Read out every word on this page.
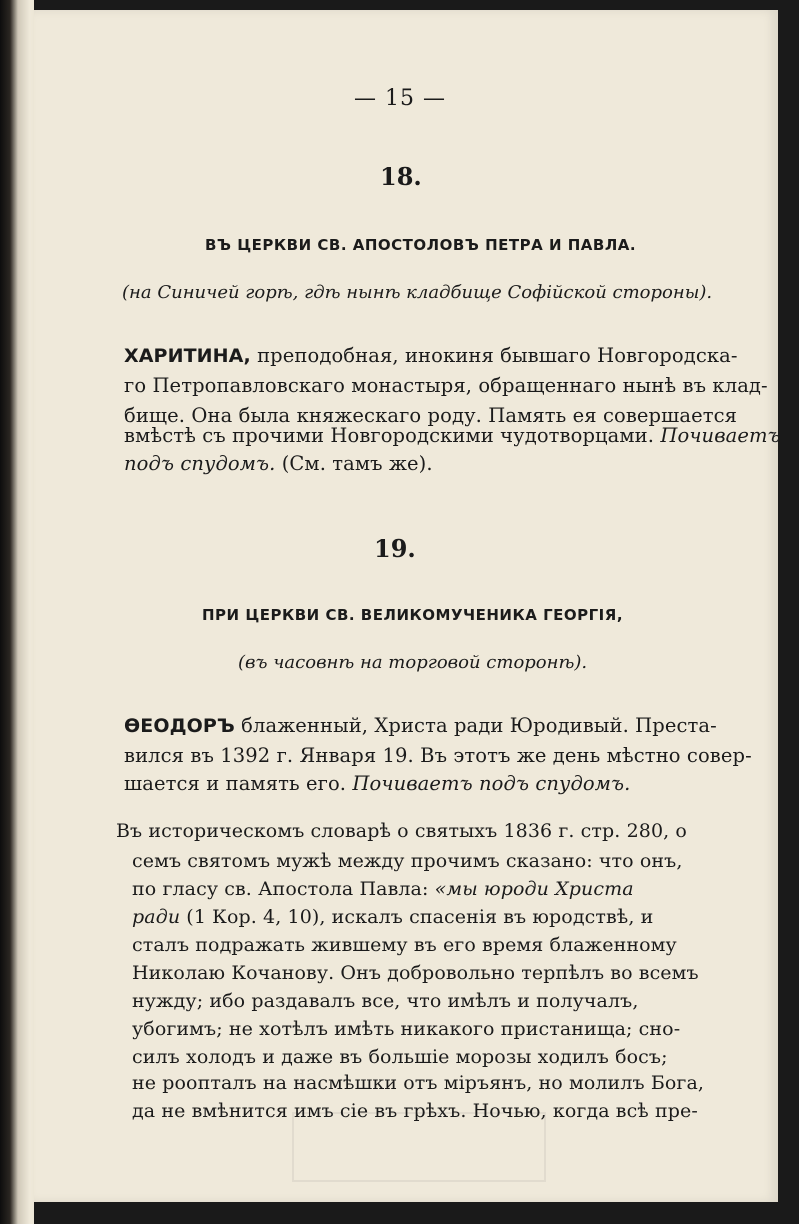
— 15 —
18.
ВЪ ЦЕРКВИ СВ. АПОСТОЛОВЪ ПЕТРА И ПАВЛА.
(на Синичей горѣ, гдѣ нынѣ кладбище Софійской стороны).
ХАРИТИНА, преподобная, инокиня бывшаго Новгородска-
го Петропавловскаго монастыря, обращеннаго нынѣ въ клад-
бище. Она была княжескаго роду. Память ея совершается
вмѣстѣ съ прочими Новгородскими чудотворцами. Почиваетъ
подъ спудомъ. (См. тамъ же).
19.
ПРИ ЦЕРКВИ СВ. ВЕЛИКОМУЧЕНИКА ГЕОРГІЯ,
(въ часовнѣ на торговой сторонѣ).
ѲЕОДОРЪ блаженный, Христа ради Юродивый. Преста-
вился въ 1392 г. Января 19. Въ этотъ же день мѣстно совер-
шается и память его. Почиваетъ подъ спудомъ.
Въ историческомъ словарѣ о святыхъ 1836 г. стр. 280, о
семъ святомъ мужѣ между прочимъ сказано: что онъ,
по гласу св. Апостола Павла: «мы юроди Христа
ради (1 Кор. 4, 10), искалъ спасенія въ юродствѣ, и
сталъ подражать жившему въ его время блаженному
Николаю Кочанову. Онъ добровольно терпѣлъ во всемъ
нужду; ибо раздавалъ все, что имѣлъ и получалъ,
убогимъ; не хотѣлъ имѣть никакого пристанища; сно-
силъ холодъ и даже въ большіе морозы ходилъ босъ;
не роопталъ на насмѣшки отъ міръянъ, но молилъ Бога,
да не вмѣнится имъ сіе въ грѣхъ. Ночью, когда всѣ пре-
